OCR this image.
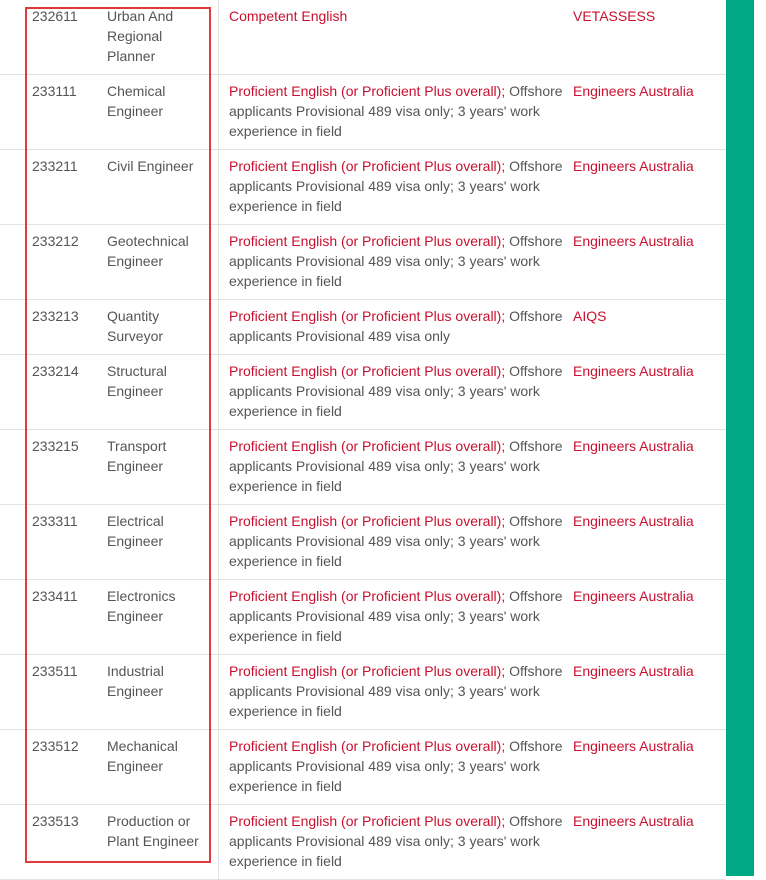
232611	Urban And Regional Planner	Competent English	VETASSESS
233111	Chemical Engineer	Proficient English (or Proficient Plus overall); Offshore applicants Provisional 489 visa only; 3 years' work experience in field	Engineers Australia
233211	Civil Engineer	Proficient English (or Proficient Plus overall); Offshore applicants Provisional 489 visa only; 3 years' work experience in field	Engineers Australia
233212	Geotechnical Engineer	Proficient English (or Proficient Plus overall); Offshore applicants Provisional 489 visa only; 3 years' work experience in field	Engineers Australia
233213	Quantity Surveyor	Proficient English (or Proficient Plus overall); Offshore applicants Provisional 489 visa only	AIQS
233214	Structural Engineer	Proficient English (or Proficient Plus overall); Offshore applicants Provisional 489 visa only; 3 years' work experience in field	Engineers Australia
233215	Transport Engineer	Proficient English (or Proficient Plus overall); Offshore applicants Provisional 489 visa only; 3 years' work experience in field	Engineers Australia
233311	Electrical Engineer	Proficient English (or Proficient Plus overall); Offshore applicants Provisional 489 visa only; 3 years' work experience in field	Engineers Australia
233411	Electronics Engineer	Proficient English (or Proficient Plus overall); Offshore applicants Provisional 489 visa only; 3 years' work experience in field	Engineers Australia
233511	Industrial Engineer	Proficient English (or Proficient Plus overall); Offshore applicants Provisional 489 visa only; 3 years' work experience in field	Engineers Australia
233512	Mechanical Engineer	Proficient English (or Proficient Plus overall); Offshore applicants Provisional 489 visa only; 3 years' work experience in field	Engineers Australia
233513	Production or Plant Engineer	Proficient English (or Proficient Plus overall); Offshore applicants Provisional 489 visa only; 3 years' work experience in field	Engineers Australia
